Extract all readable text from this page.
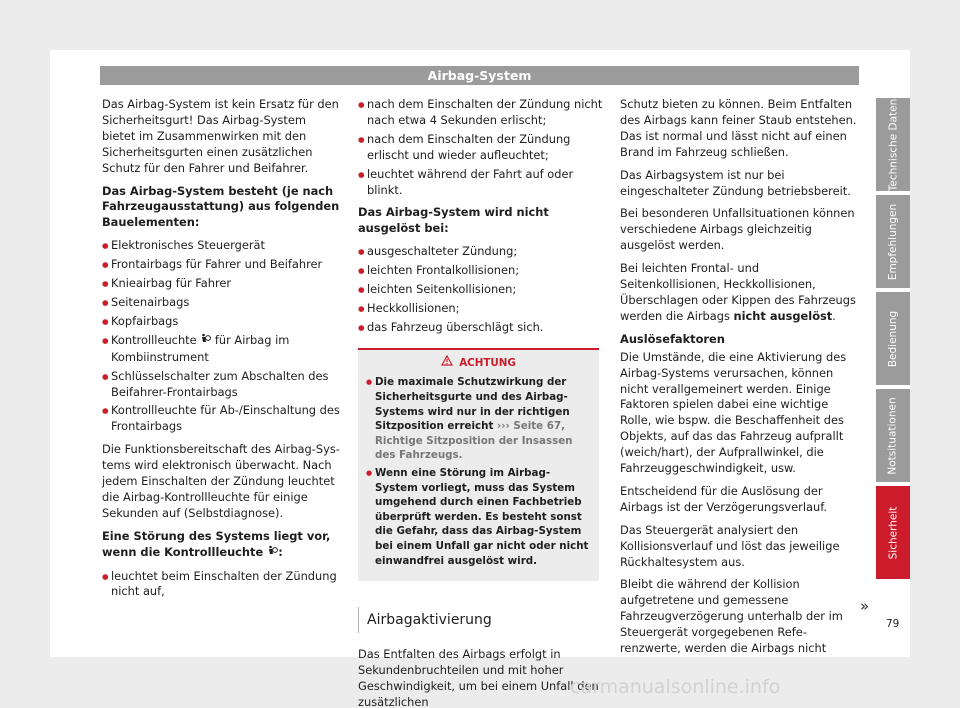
Airbag-System

Das Airbag-System ist kein Ersatz für den Sicherheitsgurt! Das Airbag-System bietet im Zusammenwirken mit den Sicherheitsgurten einen zusätzlichen Schutz für den Fahrer und Beifahrer.

Das Airbag-System besteht (je nach Fahrzeugausstattung) aus folgenden Bauelementen:

● Elektronisches Steuergerät
● Frontairbags für Fahrer und Beifahrer
● Knieairbag für Fahrer
● Seitenairbags
● Kopfairbags
● Kontrollleuchte  für Airbag im Kombiinstrument
● Schlüsselschalter zum Abschalten des Beifahrer-Frontairbags
● Kontrollleuchte für Ab-/Einschaltung des Frontairbags

Die Funktionsbereitschaft des Airbag-Systems wird elektronisch überwacht. Nach jedem Einschalten der Zündung leuchtet die Airbag-Kontrollleuchte für einige Sekunden auf (Selbstdiagnose).

Eine Störung des Systems liegt vor, wenn die Kontrollleuchte :

● leuchtet beim Einschalten der Zündung nicht auf,
● nach dem Einschalten der Zündung nicht nach etwa 4 Sekunden erlischt;
● nach dem Einschalten der Zündung erlischt und wieder aufleuchtet;
● leuchtet während der Fahrt auf oder blinkt.

Das Airbag-System wird nicht ausgelöst bei:

● ausgeschalteter Zündung;
● leichten Frontalkollisionen;
● leichten Seitenkollisionen;
● Heckkollisionen;
● das Fahrzeug überschlägt sich.
ACHTUNG
● Die maximale Schutzwirkung der Sicherheitsgurte und des Airbag-Systems wird nur in der richtigen Sitzposition erreicht ››› Seite 67, Richtige Sitzposition der Insassen des Fahrzeugs.
● Wenn eine Störung im Airbag-System vorliegt, muss das System umgehend durch einen Fachbetrieb überprüft werden. Es besteht sonst die Gefahr, dass das Airbag-System bei einem Unfall gar nicht oder nicht einwandfrei ausgelöst wird.
Airbagaktivierung

Das Entfalten des Airbags erfolgt in Sekundenbruchteilen und mit hoher Geschwindigkeit, um bei einem Unfall den zusätzlichen

Schutz bieten zu können. Beim Entfalten des Airbags kann feiner Staub entstehen. Das ist normal und lässt nicht auf einen Brand im Fahrzeug schließen.

Das Airbagsystem ist nur bei eingeschalteter Zündung betriebsbereit.

Bei besonderen Unfallsituationen können verschiedene Airbags gleichzeitig ausgelöst werden.

Bei leichten Frontal- und Seitenkollisionen, Heckkollisionen, Überschlagen oder Kippen des Fahrzeugs werden die Airbags nicht ausgelöst.

Auslösefaktoren

Die Umstände, die eine Aktivierung des Airbag-Systems verursachen, können nicht verallgemeinert werden. Einige Faktoren spielen dabei eine wichtige Rolle, wie bspw. die Beschaffenheit des Objekts, auf das das Fahrzeug aufprallt (weich/hart), der Aufprallwinkel, die Fahrzeuggeschwindigkeit, usw.

Entscheidend für die Auslösung der Airbags ist der Verzögerungsverlauf.

Das Steuergerät analysiert den Kollisionsverlauf und löst das jeweilige Rückhaltesystem aus.

Bleibt die während der Kollision aufgetretene und gemessene Fahrzeugverzögerung unterhalb der im Steuergerät vorgegebenen Referenzwerte, werden die Airbags nicht

Technische Daten
Empfehlungen
Bedienung
Notsituationen
Sicherheit
»
79
carmanualsonline.info
